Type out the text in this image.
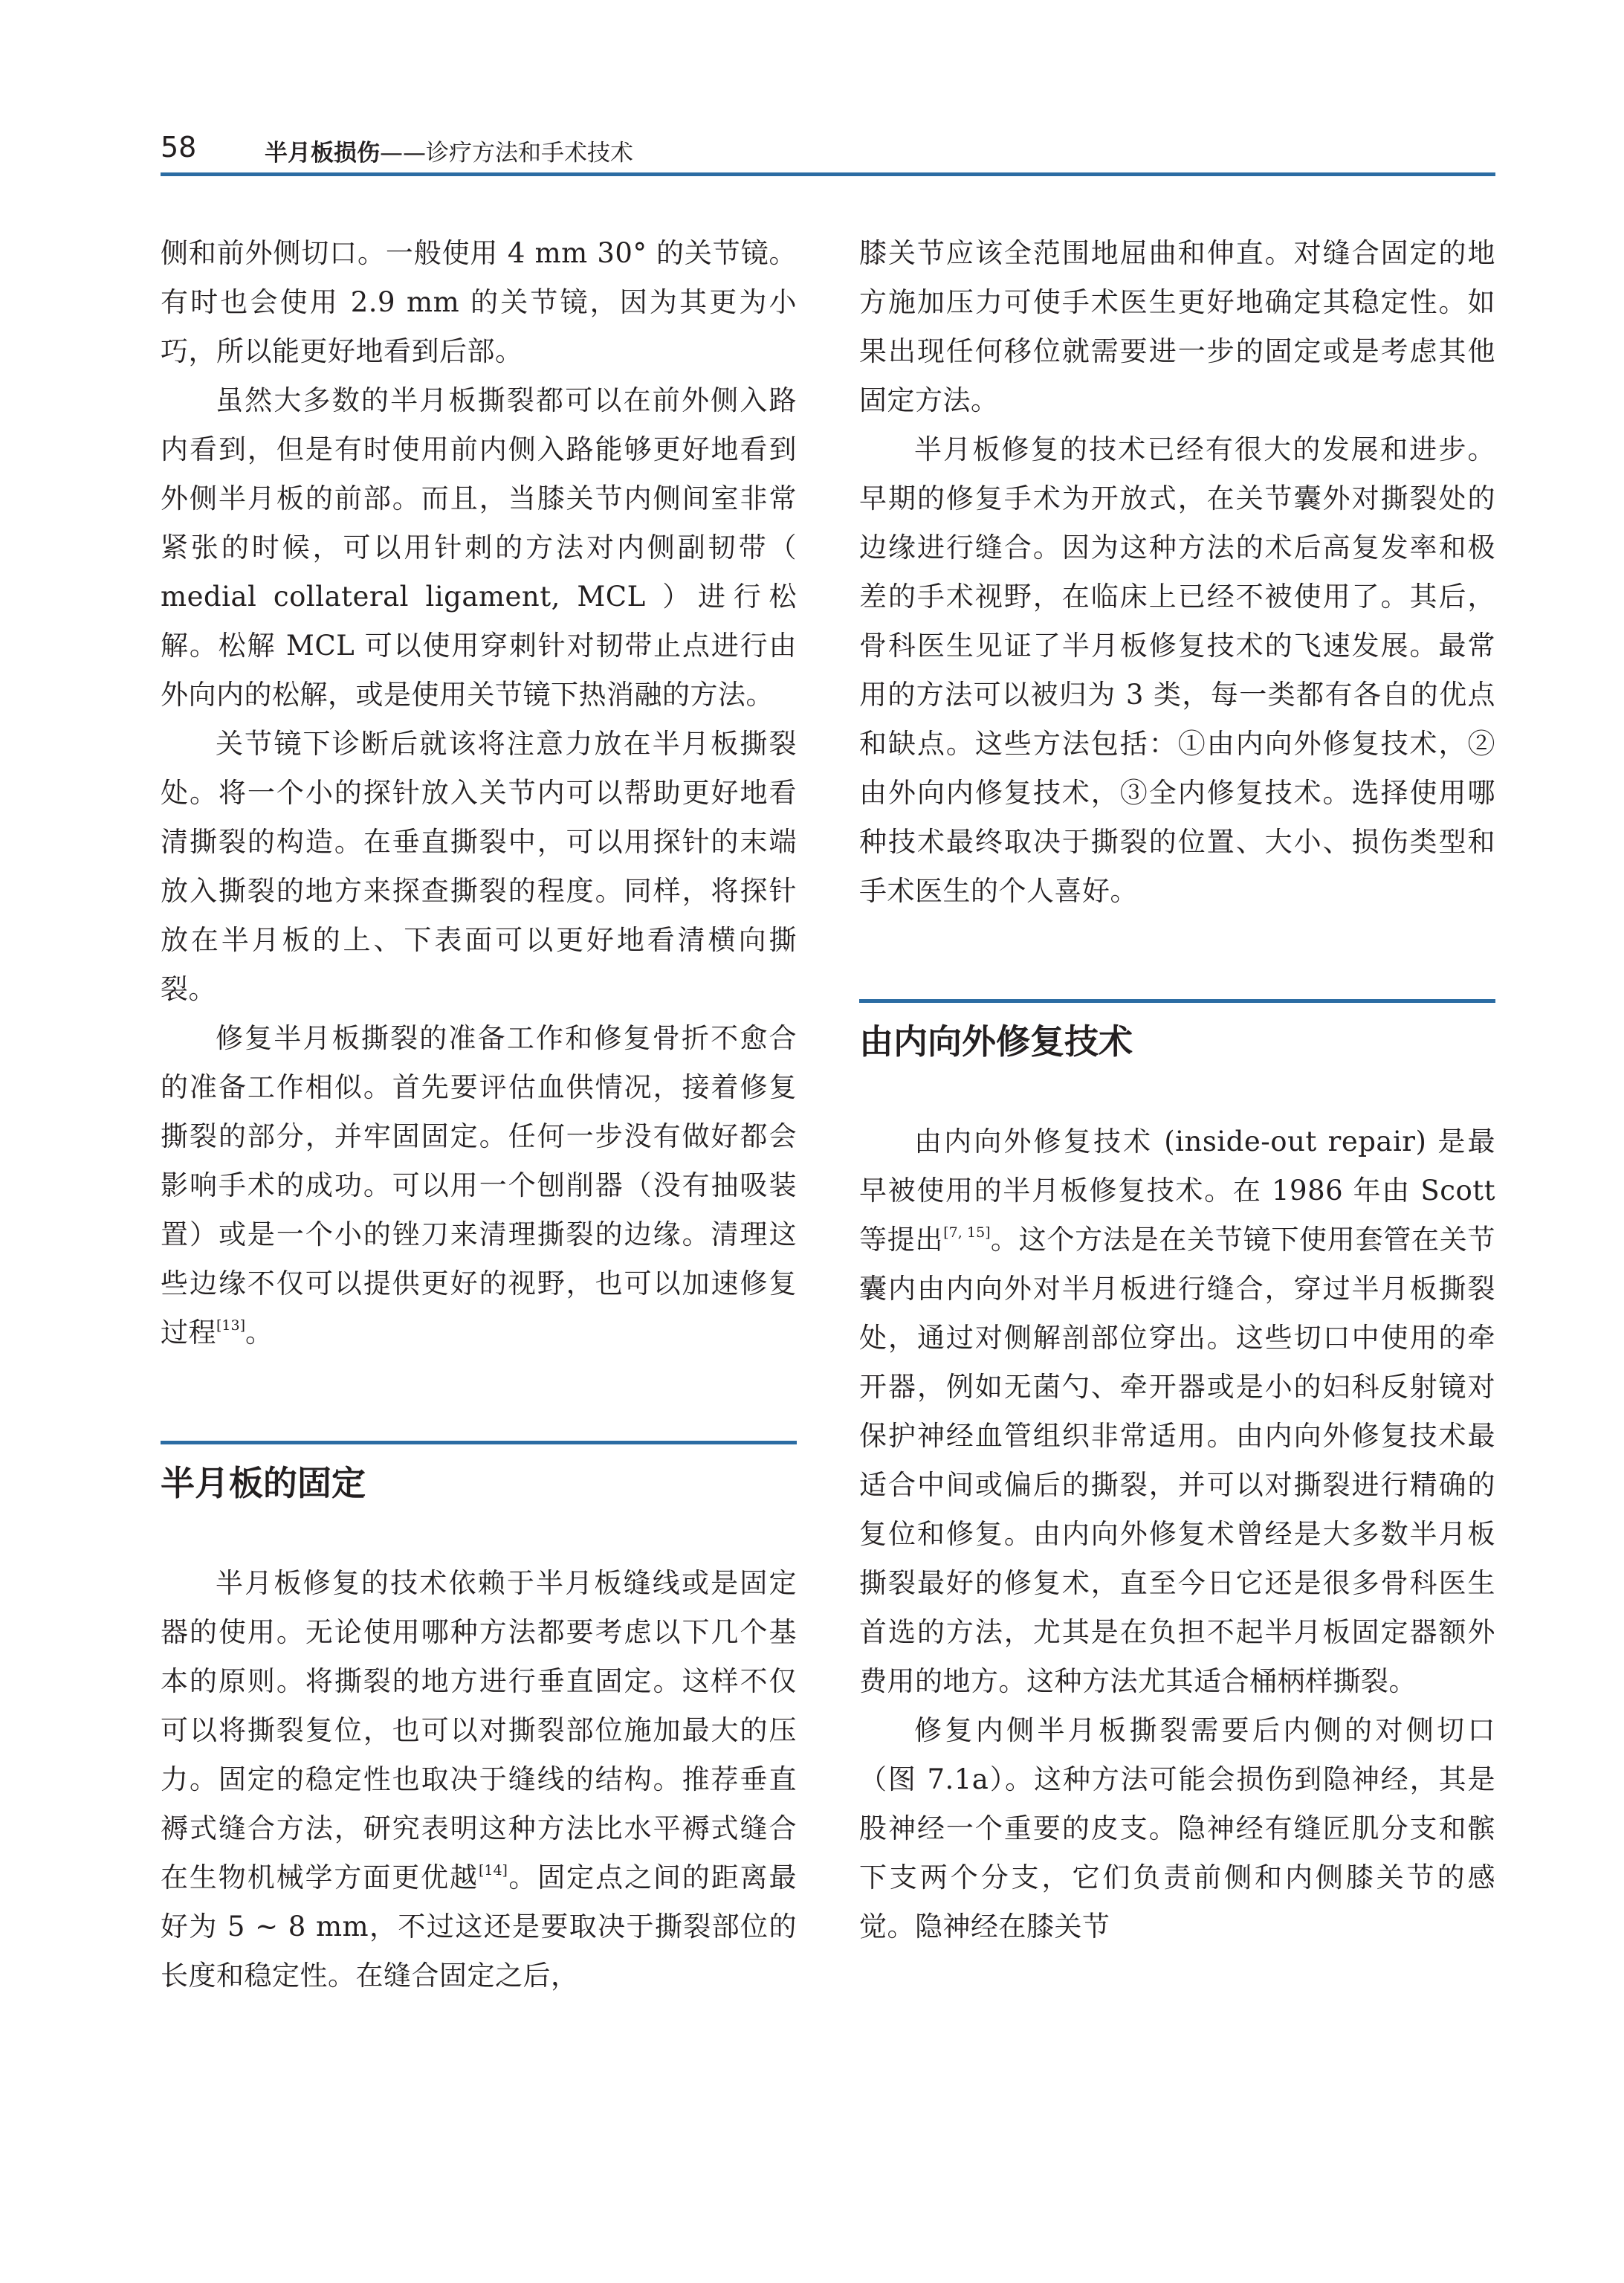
58	半月板损伤——诊疗方法和手术技术

侧和前外侧切口。一般使用 4 mm 30° 的关节镜。有时也会使用 2.9 mm 的关节镜，因为其更为小巧，所以能更好地看到后部。

虽然大多数的半月板撕裂都可以在前外侧入路内看到，但是有时使用前内侧入路能够更好地看到外侧半月板的前部。而且，当膝关节内侧间室非常紧张的时候，可以用针刺的方法对内侧副韧带（ medial collateral ligament, MCL ）进行松解。松解 MCL 可以使用穿刺针对韧带止点进行由外向内的松解，或是使用关节镜下热消融的方法。

关节镜下诊断后就该将注意力放在半月板撕裂处。将一个小的探针放入关节内可以帮助更好地看清撕裂的构造。在垂直撕裂中，可以用探针的末端放入撕裂的地方来探查撕裂的程度。同样，将探针放在半月板的上、下表面可以更好地看清横向撕裂。

修复半月板撕裂的准备工作和修复骨折不愈合的准备工作相似。首先要评估血供情况，接着修复撕裂的部分，并牢固固定。任何一步没有做好都会影响手术的成功。可以用一个刨削器（没有抽吸装置）或是一个小的锉刀来清理撕裂的边缘。清理这些边缘不仅可以提供更好的视野，也可以加速修复过程[13]。

半月板的固定

半月板修复的技术依赖于半月板缝线或是固定器的使用。无论使用哪种方法都要考虑以下几个基本的原则。将撕裂的地方进行垂直固定。这样不仅可以将撕裂复位，也可以对撕裂部位施加最大的压力。固定的稳定性也取决于缝线的结构。推荐垂直褥式缝合方法，研究表明这种方法比水平褥式缝合在生物机械学方面更优越[14]。固定点之间的距离最好为 5 ~ 8 mm，不过这还是要取决于撕裂部位的长度和稳定性。在缝合固定之后，

膝关节应该全范围地屈曲和伸直。对缝合固定的地方施加压力可使手术医生更好地确定其稳定性。如果出现任何移位就需要进一步的固定或是考虑其他固定方法。

半月板修复的技术已经有很大的发展和进步。早期的修复手术为开放式，在关节囊外对撕裂处的边缘进行缝合。因为这种方法的术后高复发率和极差的手术视野，在临床上已经不被使用了。其后，骨科医生见证了半月板修复技术的飞速发展。最常用的方法可以被归为 3 类，每一类都有各自的优点和缺点。这些方法包括：①由内向外修复技术，②由外向内修复技术，③全内修复技术。选择使用哪种技术最终取决于撕裂的位置、大小、损伤类型和手术医生的个人喜好。

由内向外修复技术

由内向外修复技术 (inside-out repair) 是最早被使用的半月板修复技术。在 1986 年由 Scott 等提出[7, 15]。这个方法是在关节镜下使用套管在关节囊内由内向外对半月板进行缝合，穿过半月板撕裂处，通过对侧解剖部位穿出。这些切口中使用的牵开器，例如无菌勺、牵开器或是小的妇科反射镜对保护神经血管组织非常适用。由内向外修复技术最适合中间或偏后的撕裂，并可以对撕裂进行精确的复位和修复。由内向外修复术曾经是大多数半月板撕裂最好的修复术，直至今日它还是很多骨科医生首选的方法，尤其是在负担不起半月板固定器额外费用的地方。这种方法尤其适合桶柄样撕裂。

修复内侧半月板撕裂需要后内侧的对侧切口（图 7.1a）。这种方法可能会损伤到隐神经，其是股神经一个重要的皮支。隐神经有缝匠肌分支和髌下支两个分支，它们负责前侧和内侧膝关节的感觉。隐神经在膝关节
